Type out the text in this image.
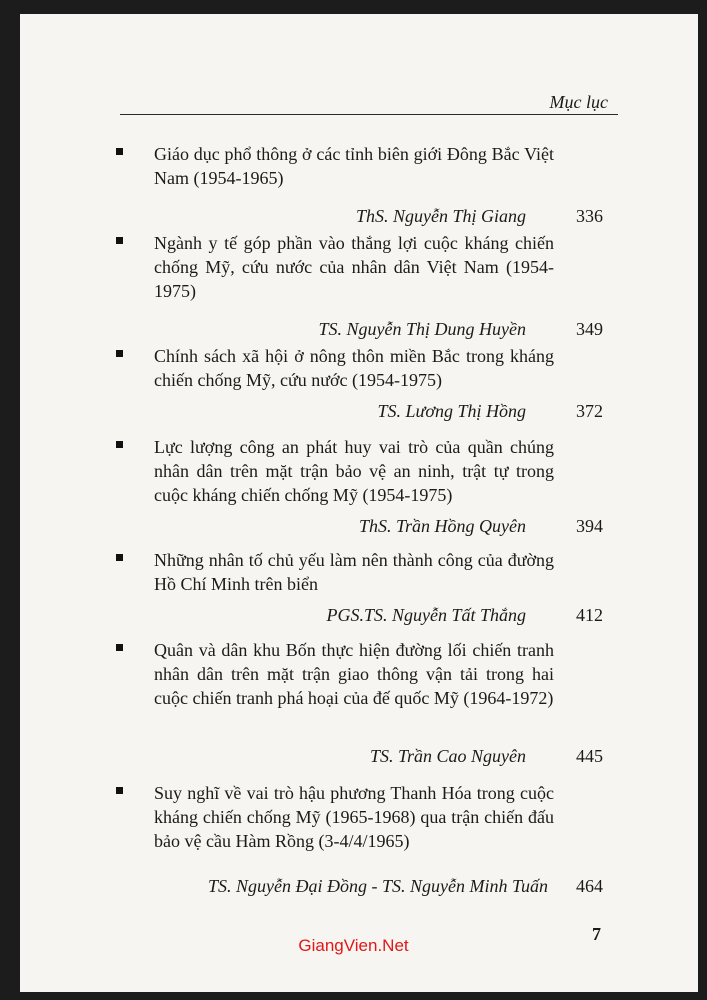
Mục lục
Giáo dục phổ thông ở các tỉnh biên giới Đông Bắc Việt Nam (1954-1965)
ThS. Nguyễn Thị Giang	336
Ngành y tế góp phần vào thắng lợi cuộc kháng chiến chống Mỹ, cứu nước của nhân dân Việt Nam (1954-1975)
TS. Nguyễn Thị Dung Huyền	349
Chính sách xã hội ở nông thôn miền Bắc trong kháng chiến chống Mỹ, cứu nước (1954-1975)
TS. Lương Thị Hồng	372
Lực lượng công an phát huy vai trò của quần chúng nhân dân trên mặt trận bảo vệ an ninh, trật tự trong cuộc kháng chiến chống Mỹ (1954-1975)
ThS. Trần Hồng Quyên	394
Những nhân tố chủ yếu làm nên thành công của đường Hồ Chí Minh trên biển
PGS.TS. Nguyễn Tất Thắng	412
Quân và dân khu Bốn thực hiện đường lối chiến tranh nhân dân trên mặt trận giao thông vận tải trong hai cuộc chiến tranh phá hoại của đế quốc Mỹ (1964-1972)
TS. Trần Cao Nguyên	445
Suy nghĩ về vai trò hậu phương Thanh Hóa trong cuộc kháng chiến chống Mỹ (1965-1968) qua trận chiến đấu bảo vệ cầu Hàm Rồng (3-4/4/1965)
TS. Nguyễn Đại Đồng - TS. Nguyễn Minh Tuấn 464
7
GiangVien.Net
